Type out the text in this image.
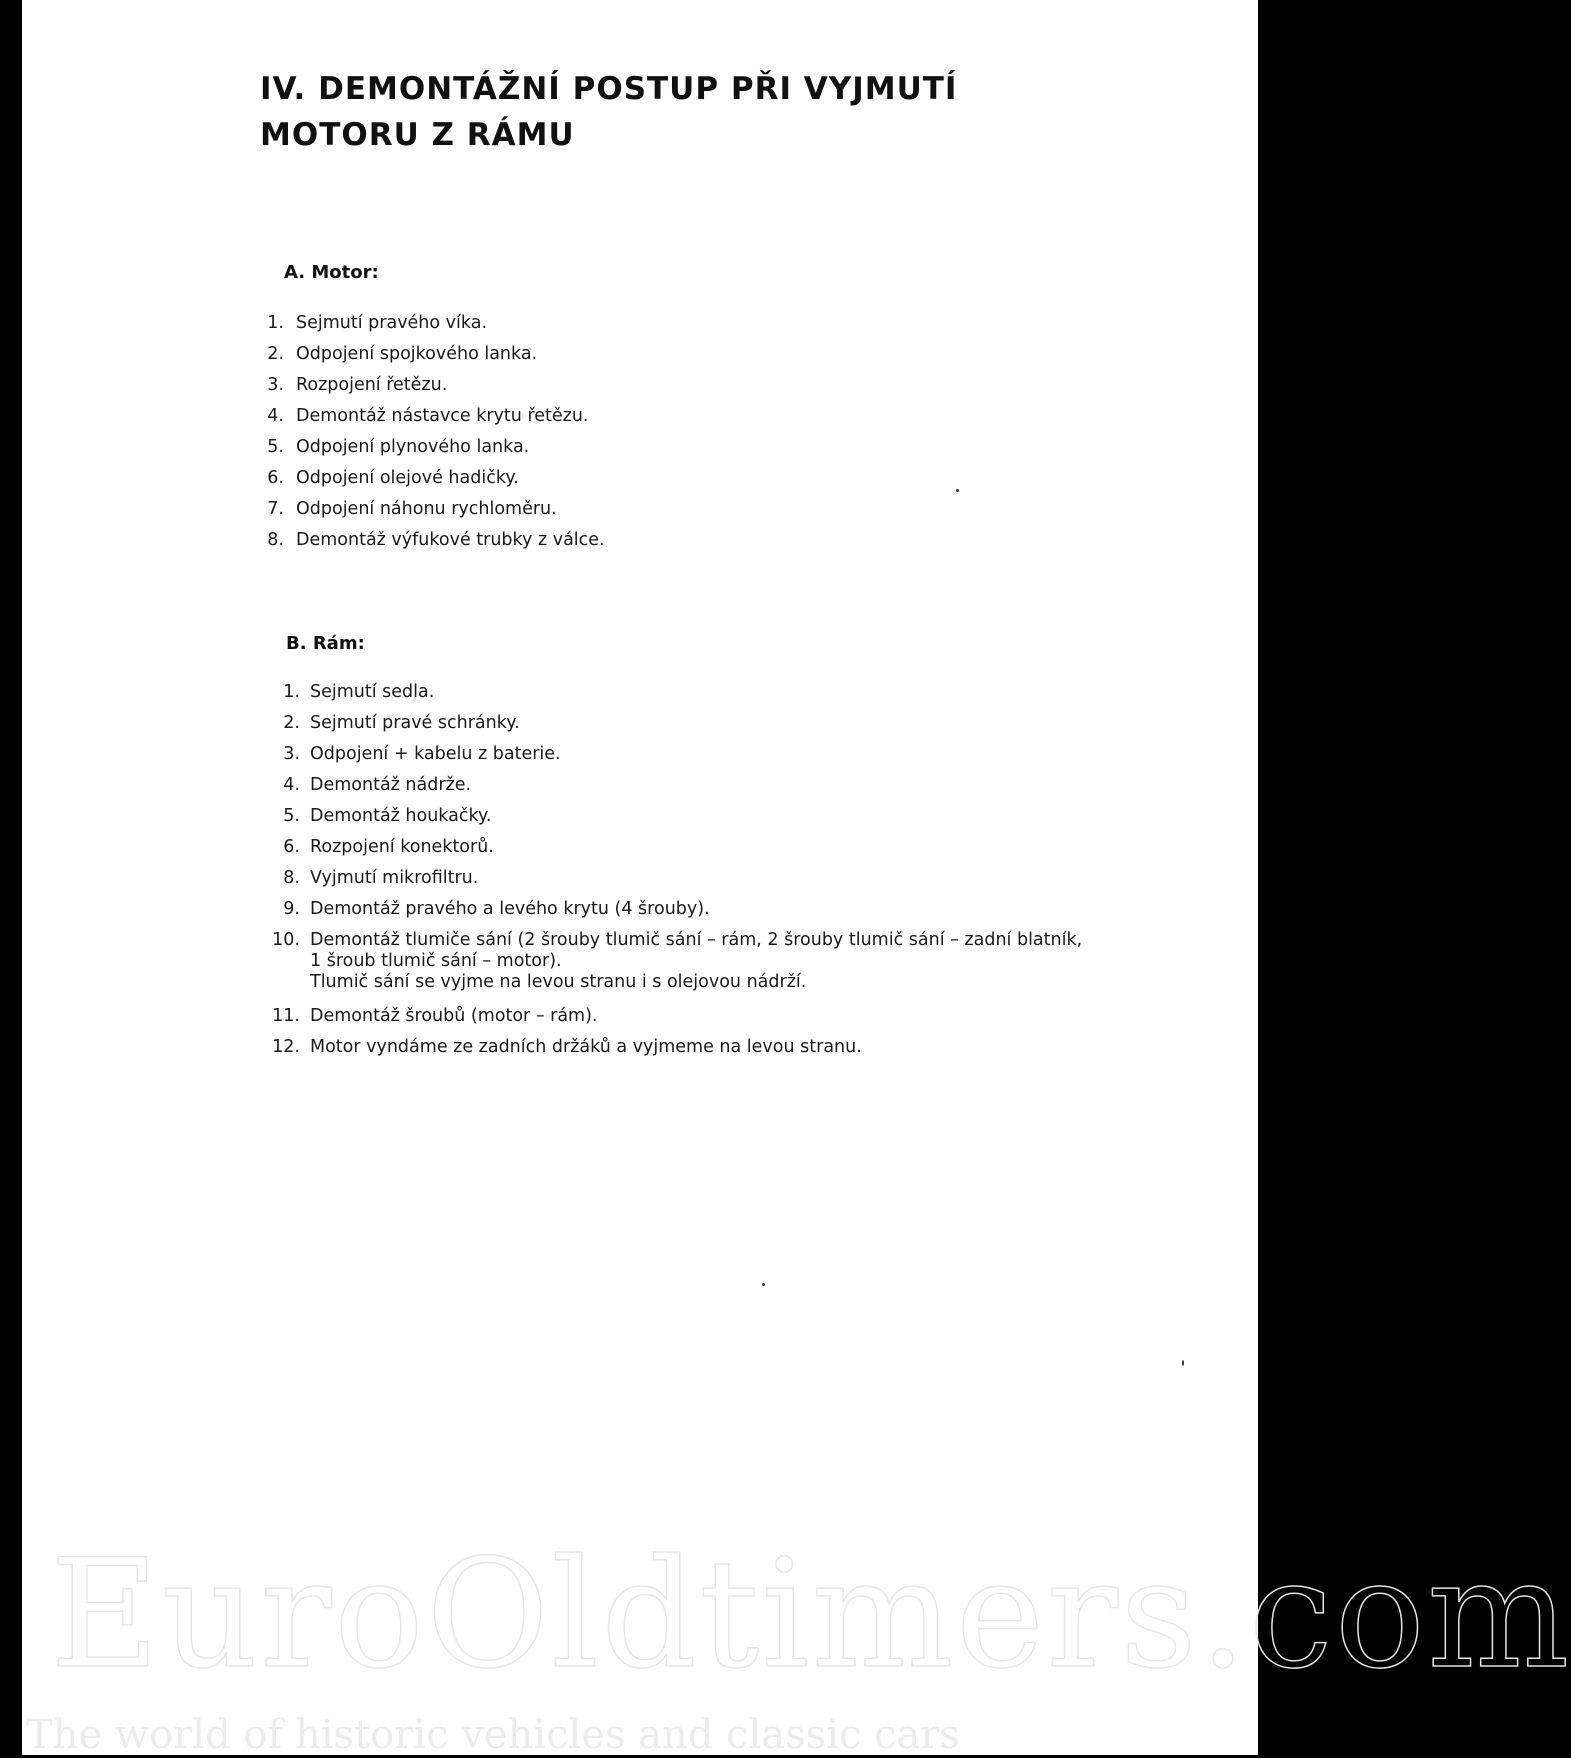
IV. DEMONTÁŽNÍ POSTUP PŘI VYJMUTÍ
MOTORU Z RÁMU

A. Motor:

1. Sejmutí pravého víka.
2. Odpojení spojkového lanka.
3. Rozpojení řetězu.
4. Demontáž nástavce krytu řetězu.
5. Odpojení plynového lanka.
6. Odpojení olejové hadičky.
7. Odpojení náhonu rychloměru.
8. Demontáž výfukové trubky z válce.

B. Rám:

1. Sejmutí sedla.
2. Sejmutí pravé schránky.
3. Odpojení + kabelu z baterie.
4. Demontáž nádrže.
5. Demontáž houkačky.
6. Rozpojení konektorů.
8. Vyjmutí mikrofiltru.
9. Demontáž pravého a levého krytu (4 šrouby).
10. Demontáž tlumiče sání (2 šrouby tlumič sání – rám, 2 šrouby tlumič sání – zadní blatník,
1 šroub tlumič sání – motor).
Tlumič sání se vyjme na levou stranu i s olejovou nádrží.
11. Demontáž šroubů (motor – rám).
12. Motor vyndáme ze zadních držáků a vyjmeme na levou stranu.
The world of historic vehicles and classic cars
